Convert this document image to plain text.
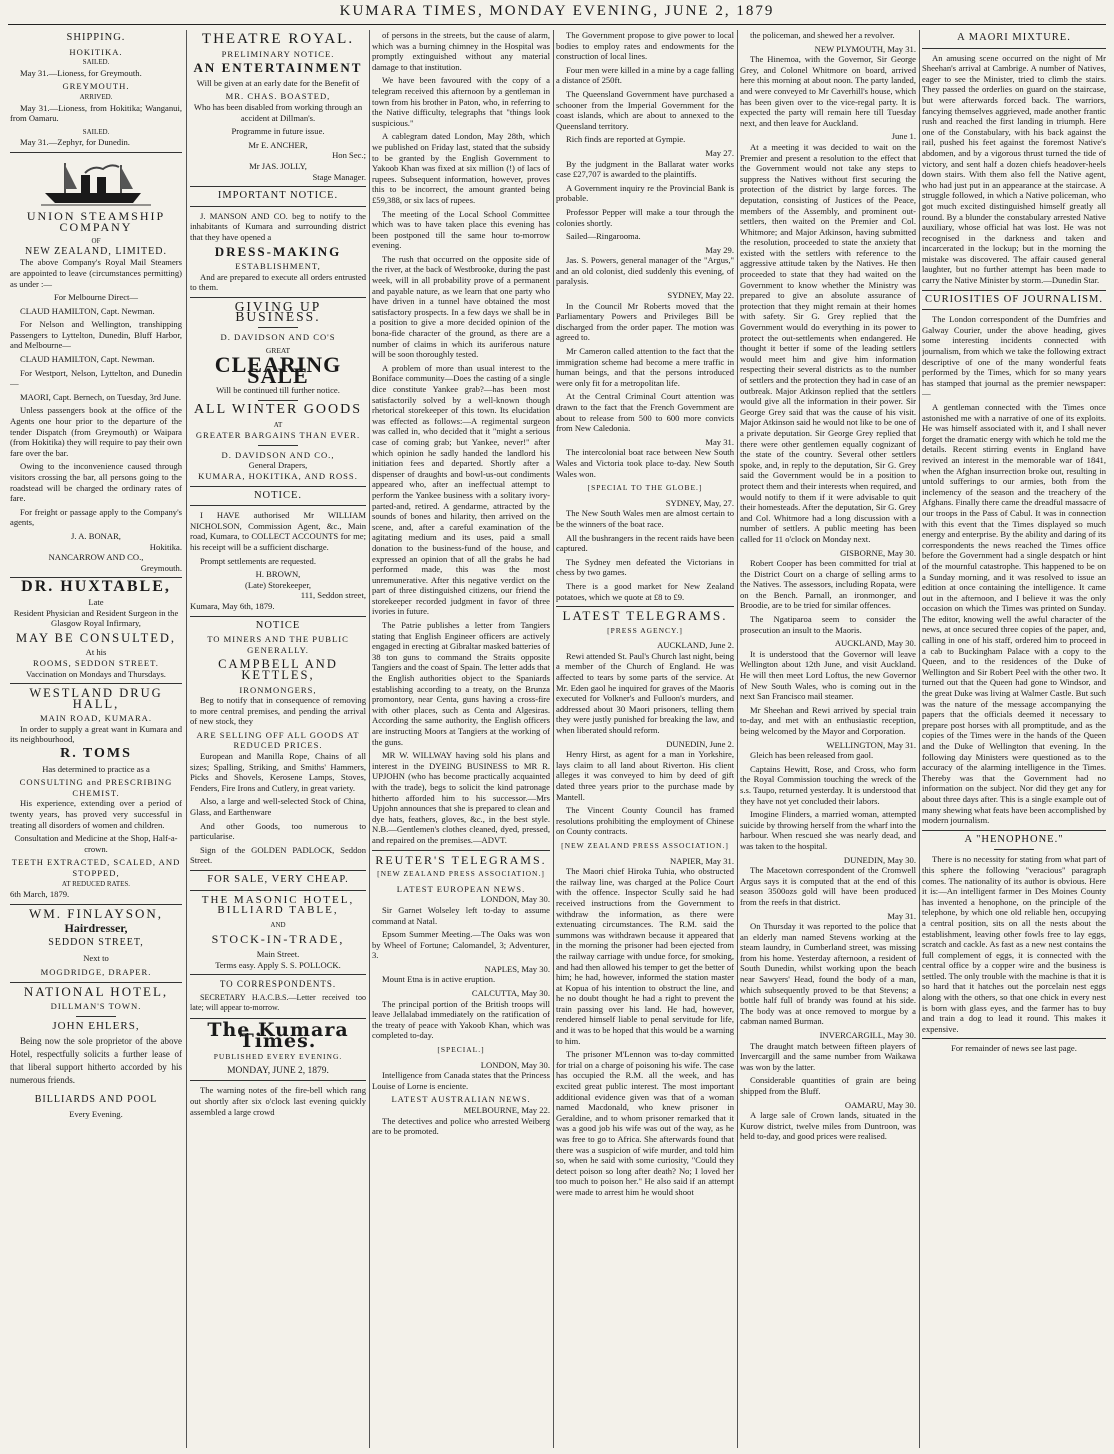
KUMARA TIMES, MONDAY EVENING, JUNE 2, 1879
SHIPPING.
HOKITIKA.
SAILED.

May 31.—Lioness, for Greymouth.

GREYMOUTH.
ARRIVED.

May 31.—Lioness, from Hokitika; Wanganui, from Oamaru.

SAILED.

May 31.—Zephyr, for Dunedin.

UNION STEAMSHIP COMPANY
OF
NEW ZEALAND, LIMITED.

The above Company's Royal Mail Steamers are appointed to leave (circumstances permitting) as under :—

For Melbourne Direct—

CLAUD HAMILTON, Capt. Newman.

For Nelson and Wellington, transhipping Passengers to Lyttelton, Dunedin, Bluff Harbor, and Melbourne—

CLAUD HAMILTON, Capt. Newman.

For Westport, Nelson, Lyttelton, and Dunedin—

MAORI, Capt. Bernech, on Tuesday, 3rd June.

Unless passengers book at the office of the Agents one hour prior to the departure of the tender Dispatch (from Greymouth) or Waipara (from Hokitika) they will require to pay their own fare over the bar.

Owing to the inconvenience caused through visitors crossing the bar, all persons going to the roadstead will be charged the ordinary rates of fare.

For freight or passage apply to the Company's agents,

J. A. BONAR,
Hokitika.
NANCARROW AND CO.,
Greymouth.
DR. HUXTABLE,
Late
Resident Physician and Resident Surgeon in the
Glasgow Royal Infirmary,
MAY BE CONSULTED,
At his
ROOMS, SEDDON STREET.

Vaccination on Mondays and Thursdays.

WESTLAND DRUG HALL,
MAIN ROAD, KUMARA.

In order to supply a great want in Kumara and its neighbourhood,

R. TOMS

Has determined to practice as a

CONSULTING and PRESCRIBING CHEMIST.

His experience, extending over a period of twenty years, has proved very successful in treating all disorders of women and children.

Consultation and Medicine at the Shop, Half-a-crown.

TEETH EXTRACTED, SCALED, AND STOPPED,
AT REDUCED RATES.
6th March, 1879.
WM. FINLAYSON,
Hairdresser,
SEDDON STREET,
Next to
MOGDRIDGE, DRAPER.
NATIONAL HOTEL,
DILLMAN'S TOWN.
JOHN EHLERS,

Being now the sole proprietor of the above Hotel, respectfully solicits a further lease of that liberal support hitherto accorded by his numerous friends.

BILLIARDS AND POOL
Every Evening.
THEATRE ROYAL.
PRELIMINARY NOTICE.
AN ENTERTAINMENT

Will be given at an early date for the Benefit of

MR. CHAS. BOASTED,

Who has been disabled from working through an accident at Dillman's.

Programme in future issue.

Mr E. ANCHER,
Hon Sec.;
Mr JAS. JOLLY,
Stage Manager.
IMPORTANT NOTICE.

J. MANSON AND CO. beg to notify to the inhabitants of Kumara and surrounding district that they have opened a

DRESS-MAKING
ESTABLISHMENT,

And are prepared to execute all orders entrusted to them.

GIVING UP BUSINESS.
D. DAVIDSON AND CO'S
GREAT
CLEARING SALE

Will be continued till further notice.

ALL WINTER GOODS
AT
GREATER BARGAINS THAN EVER.
D. DAVIDSON AND CO.,
General Drapers,
KUMARA, HOKITIKA, AND ROSS.
NOTICE.

I HAVE authorised Mr WILLIAM NICHOLSON, Commission Agent, &c., Main road, Kumara, to COLLECT ACCOUNTS for me; his receipt will be a sufficient discharge.

Prompt settlements are requested.

H. BROWN,
(Late) Storekeeper,
111, Seddon street,
Kumara, May 6th, 1879.
NOTICE
TO MINERS AND THE PUBLIC GENERALLY.
CAMPBELL AND KETTLES,
IRONMONGERS,

Beg to notify that in consequence of removing to more central premises, and pending the arrival of new stock, they

ARE SELLING OFF ALL GOODS AT REDUCED PRICES.

European and Manilla Rope, Chains of all sizes; Spalling, Striking, and Smiths' Hammers, Picks and Shovels, Kerosene Lamps, Stoves, Fenders, Fire Irons and Cutlery, in great variety.

Also, a large and well-selected Stock of China, Glass, and Earthenware

And other Goods, too numerous to particularise.

Sign of the GOLDEN PADLOCK, Seddon Street.

FOR SALE, VERY CHEAP.
THE MASONIC HOTEL, BILLIARD TABLE,
AND
STOCK-IN-TRADE,
Main Street.
Terms easy. Apply S. S. POLLOCK.
TO CORRESPONDENTS.

SECRETARY H.A.C.B.S.—Letter received too late; will appear to-morrow.

The Kumara Times.
PUBLISHED EVERY EVENING.
MONDAY, JUNE 2, 1879.

The warning notes of the fire-bell which rang out shortly after six o'clock last evening quickly assembled a large crowd

of persons in the streets, but the cause of alarm, which was a burning chimney in the Hospital was promptly extinguished without any material damage to that institution.

We have been favoured with the copy of a telegram received this afternoon by a gentleman in town from his brother in Paton, who, in referring to the Native difficulty, telegraphs that "things look suspicious."

A cablegram dated London, May 28th, which we published on Friday last, stated that the subsidy to be granted by the English Government to Yakoob Khan was fixed at six million (!) of lacs of rupees. Subsequent information, however, proves this to be incorrect, the amount granted being £59,388, or six lacs of rupees.

The meeting of the Local School Committee which was to have taken place this evening has been postponed till the same hour to-morrow evening.

The rush that occurred on the opposite side of the river, at the back of Westbrooke, during the past week, will in all probability prove of a permanent and payable nature, as we learn that one party who have driven in a tunnel have obtained the most satisfactory prospects. In a few days we shall be in a position to give a more decided opinion of the bona-fide character of the ground, as there are a number of claims in which its auriferous nature will be soon thoroughly tested.

A problem of more than usual interest to the Boniface community—Does the casting of a single dice constitute Yankee grab?—has been most satisfactorily solved by a well-known though rhetorical storekeeper of this town. Its elucidation was effected as follows:—A regimental surgeon was called in, who decided that it "might a serious case of coming grab; but Yankee, never!" after which opinion he sadly handed the landlord his initiation fees and departed. Shortly after a dispenser of draughts and bowl-us-out condiments appeared who, after an ineffectual attempt to perform the Yankee business with a solitary ivory-parted-and, retired. A gendarme, attracted by the sounds of bones and hilarity, then arrived on the scene, and, after a careful examination of the agitating medium and its uses, paid a small donation to the business-fund of the house, and expressed an opinion that of all the grabs he had performed made, this was the most unremunerative. After this negative verdict on the part of three distinguished citizens, our friend the storekeeper recorded judgment in favor of three ivories in future.

The Patrie publishes a letter from Tangiers stating that English Engineer officers are actively engaged in erecting at Gibraltar masked batteries of 38 ton guns to command the Straits opposite Tangiers and the coast of Spain. The letter adds that the English authorities object to the Spaniards establishing according to a treaty, on the Brunza promontory, near Centa, guns having a cross-fire with other places, such as Centa and Algesiras. According the same authority, the English officers are instructing Moors at Tangiers at the working of the guns.

MR W. WILLWAY having sold his plans and interest in the DYEING BUSINESS to MR R. UPJOHN (who has become practically acquainted with the trade), begs to solicit the kind patronage hitherto afforded him to his successor.—Mrs Upjohn announces that she is prepared to clean and dye hats, feathers, gloves, &c., in the best style. N.B.—Gentlemen's clothes cleaned, dyed, pressed, and repaired on the premises.—ADVT.

REUTER'S TELEGRAMS.
[NEW ZEALAND PRESS ASSOCIATION.]
LATEST EUROPEAN NEWS.
LONDON, May 30.

Sir Garnet Wolseley left to-day to assume command at Natal.

Epsom Summer Meeting.—The Oaks was won by Wheel of Fortune; Calomandel, 3; Adventurer, 3.

NAPLES, May 30.

Mount Etna is in active eruption.

CALCUTTA, May 30.

The principal portion of the British troops will leave Jellalabad immediately on the ratification of the treaty of peace with Yakoob Khan, which was completed to-day.

[SPECIAL.]
LONDON, May 30.

Intelligence from Canada states that the Princess Louise of Lorne is enciente.

LATEST AUSTRALIAN NEWS.
MELBOURNE, May 22.

The detectives and police who arrested Weiberg are to be promoted.

The Government propose to give power to local bodies to employ rates and endowments for the construction of local lines.

Four men were killed in a mine by a cage falling a distance of 250ft.

The Queensland Government have purchased a schooner from the Imperial Government for the coast islands, which are about to annexed to the Queensland territory.

Rich finds are reported at Gympie.

May 27.

By the judgment in the Ballarat water works case £27,707 is awarded to the plaintiffs.

A Government inquiry re the Provincial Bank is probable.

Professor Pepper will make a tour through the colonies shortly.

Sailed—Ringarooma.

May 29.

Jas. S. Powers, general manager of the "Argus," and an old colonist, died suddenly this evening, of paralysis.

SYDNEY, May 22.

In the Council Mr Roberts moved that the Parliamentary Powers and Privileges Bill be discharged from the order paper. The motion was agreed to.

Mr Cameron called attention to the fact that the immigration scheme had become a mere traffic in human beings, and that the persons introduced were only fit for a metropolitan life.

At the Central Criminal Court attention was drawn to the fact that the French Government are about to release from 500 to 600 more convicts from New Caledonia.

May 31.

The intercolonial boat race between New South Wales and Victoria took place to-day. New South Wales won.

[SPECIAL TO THE GLOBE.]
SYDNEY, May, 27.

The New South Wales men are almost certain to be the winners of the boat race.

All the bushrangers in the recent raids have been captured.

The Sydney men defeated the Victorians in chess by two games.

There is a good market for New Zealand potatoes, which we quote at £8 to £9.

LATEST TELEGRAMS.
[PRESS AGENCY.]
AUCKLAND, June 2.

Rewi attended St. Paul's Church last night, being a member of the Church of England. He was affected to tears by some parts of the service. At Mr. Eden gaol he inquired for graves of the Maoris executed for Volkner's and Fulloon's murders, and addressed about 30 Maori prisoners, telling them they were justly punished for breaking the law, and when liberated should reform.

DUNEDIN, June 2.

Henry Hirst, as agent for a man in Yorkshire, lays claim to all land about Riverton. His client alleges it was conveyed to him by deed of gift dated three years prior to the purchase made by Mantell.

The Vincent County Council has framed resolutions prohibiting the employment of Chinese on County contracts.

[NEW ZEALAND PRESS ASSOCIATION.]
NAPIER, May 31.

The Maori chief Hiroka Tuhia, who obstructed the railway line, was charged at the Police Court with the offence. Inspector Scully said he had received instructions from the Government to withdraw the information, as there were extenuating circumstances. The R.M. said the summons was withdrawn because it appeared that in the morning the prisoner had been ejected from the railway carriage with undue force, for smoking, and had then allowed his temper to get the better of him; he had, however, informed the station master at Kopua of his intention to obstruct the line, and he no doubt thought he had a right to prevent the train passing over his land. He had, however, rendered himself liable to penal servitude for life, and it was to be hoped that this would be a warning to him.

The prisoner M'Lennon was to-day committed for trial on a charge of poisoning his wife. The case has occupied the R.M. all the week, and has excited great public interest. The most important additional evidence given was that of a woman named Macdonald, who knew prisoner in Geraldine, and to whom prisoner remarked that it was a good job his wife was out of the way, as he was free to go to Africa. She afterwards found that there was a suspicion of wife murder, and told him so, when he said with some curiosity, "Could they detect poison so long after death? No; I loved her too much to poison her." He also said if an attempt were made to arrest him he would shoot

the policeman, and shewed her a revolver.

NEW PLYMOUTH, May 31.

The Hinemoa, with the Governor, Sir George Grey, and Colonel Whitmore on board, arrived here this morning at about noon. The party landed, and were conveyed to Mr Caverhill's house, which has been given over to the vice-regal party. It is expected the party will remain here till Tuesday next, and then leave for Auckland.

June 1.

At a meeting it was decided to wait on the Premier and present a resolution to the effect that the Government would not take any steps to suppress the Natives without first securing the protection of the district by large forces. The deputation, consisting of Justices of the Peace, members of the Assembly, and prominent out-settlers, then waited on the Premier and Col. Whitmore; and Major Atkinson, having submitted the resolution, proceeded to state the anxiety that existed with the settlers with reference to the aggressive attitude taken by the Natives. He then proceeded to state that they had waited on the Government to know whether the Ministry was prepared to give an absolute assurance of protection that they might remain at their homes with safety. Sir G. Grey replied that the Government would do everything in its power to protect the out-settlements when endangered. He thought it better if some of the leading settlers would meet him and give him information respecting their several districts as to the number of settlers and the protection they had in case of an outbreak. Major Atkinson replied that the settlers would give all the information in their power. Sir George Grey said that was the cause of his visit. Major Atkinson said he would not like to be one of a private deputation. Sir George Grey replied that there were other gentlemen equally cognizant of the state of the country. Several other settlers spoke, and, in reply to the deputation, Sir G. Grey said the Government would be in a position to protect them and their interests when required, and would notify to them if it were advisable to quit their homesteads. After the deputation, Sir G. Grey and Col. Whitmore had a long discussion with a number of settlers. A public meeting has been called for 11 o'clock on Monday next.

GISBORNE, May 30.

Robert Cooper has been committed for trial at the District Court on a charge of selling arms to the Natives. The assessors, including Ropata, were on the Bench. Parnall, an ironmonger, and Broodie, are to be tried for similar offences.

The Ngatiparoa seem to consider the prosecution an insult to the Maoris.

AUCKLAND, May 30.

It is understood that the Governor will leave Wellington about 12th June, and visit Auckland. He will then meet Lord Loftus, the new Governor of New South Wales, who is coming out in the next San Francisco mail steamer.

Mr Sheehan and Rewi arrived by special train to-day, and met with an enthusiastic reception, being welcomed by the Mayor and Corporation.

WELLINGTON, May 31.

Gleich has been released from gaol.

Captains Hewitt, Rose, and Cross, who form the Royal Commission touching the wreck of the s.s. Taupo, returned yesterday. It is understood that they have not yet concluded their labors.

Imogine Flinders, a married woman, attempted suicide by throwing herself from the wharf into the harbour. When rescued she was nearly dead, and was taken to the hospital.

DUNEDIN, May 30.

The Macetown correspondent of the Cromwell Argus says it is computed that at the end of this season 3500ozs gold will have been produced from the reefs in that district.

May 31.

On Thursday it was reported to the police that an elderly man named Stevens working at the steam laundry, in Cumberland street, was missing from his home. Yesterday afternoon, a resident of South Dunedin, whilst working upon the beach near Sawyers' Head, found the body of a man, which subsequently proved to be that Stevens; a bottle half full of brandy was found at his side. The body was at once removed to morgue by a cabman named Burman.

INVERCARGILL, May 30.

The draught match between fifteen players of Invercargill and the same number from Waikawa was won by the latter.

Considerable quantities of grain are being shipped from the Bluff.

OAMARU, May 30.

A large sale of Crown lands, situated in the Kurow district, twelve miles from Duntroon, was held to-day, and good prices were realised.

A MAORI MIXTURE.

An amusing scene occurred on the night of Mr Sheehan's arrival at Cambrige. A number of Natives, eager to see the Minister, tried to climb the stairs. They passed the orderlies on guard on the staircase, but were afterwards forced back. The warriors, fancying themselves aggrieved, made another frantic rush and reached the first landing in triumph. Here one of the Constabulary, with his back against the rail, pushed his feet against the foremost Native's abdomen, and by a vigorous thrust turned the tide of victory, and sent half a dozen chiefs headover-heels down stairs. With them also fell the Native agent, who had just put in an appearance at the staircase. A struggle followed, in which a Native policeman, who got much excited distinguished himself greatly all round. By a blunder the constabulary arrested Native auxiliary, whose official hat was lost. He was not recognised in the darkness and taken and incarcerated in the lockup; but in the morning the mistake was discovered. The affair caused general laughter, but no further attempt has been made to carry the Native Minister by storm.—Dunedin Star.

CURIOSITIES OF JOURNALISM.

The London correspondent of the Dumfries and Galway Courier, under the above heading, gives some interesting incidents connected with journalism, from which we take the following extract descriptive of one of the many wonderful feats performed by the Times, which for so many years has stamped that journal as the premier newspaper:—

A gentleman connected with the Times once astonished me with a narrative of one of its exploits. He was himself associated with it, and I shall never forget the dramatic energy with which he told me the details. Recent stirring events in England have revived an interest in the memorable war of 1841, when the Afghan insurrection broke out, resulting in untold sufferings to our armies, both from the inclemency of the season and the treachery of the Afghans. Finally there came the dreadful massacre of our troops in the Pass of Cabul. It was in connection with this event that the Times displayed so much energy and enterprise. By the ability and daring of its correspondents the news reached the Times office before the Government had a single despatch or hint of the mournful catastrophe. This happened to be on a Sunday morning, and it was resolved to issue an edition at once containing the intelligence. It came out in the afternoon, and I believe it was the only occasion on which the Times was printed on Sunday. The editor, knowing well the awful character of the news, at once secured three copies of the paper, and, calling in one of his staff, ordered him to proceed in a cab to Buckingham Palace with a copy to the Queen, and to the residences of the Duke of Wellington and Sir Robert Peel with the other two. It turned out that the Queen had gone to Windsor, and the great Duke was living at Walmer Castle. But such was the nature of the message accompanying the papers that the officials deemed it necessary to prepare post horses with all promptitude, and as the copies of the Times were in the hands of the Queen and the Duke of Wellington that evening. In the following day Ministers were questioned as to the accuracy of the alarming intelligence in the Times. Thereby was that the Government had no information on the subject. Nor did they get any for about three days after. This is a single example out of many shewing what feats have been accomplished by modern journalism.

A "HENOPHONE."

There is no necessity for stating from what part of this sphere the following "veracious" paragraph comes. The nationality of its author is obvious. Here it is:—An intelligent farmer in Des Moines County has invented a henophone, on the principle of the telephone, by which one old reliable hen, occupying a central position, sits on all the nests about the establishment, leaving other fowls free to lay eggs, scratch and cackle. As fast as a new nest contains the full complement of eggs, it is connected with the central office by a copper wire and the business is settled. The only trouble with the machine is that it is so hard that it hatches out the porcelain nest eggs along with the others, so that one chick in every nest is born with glass eyes, and the farmer has to buy and train a dog to lead it round. This makes it expensive.

For remainder of news see last page.
